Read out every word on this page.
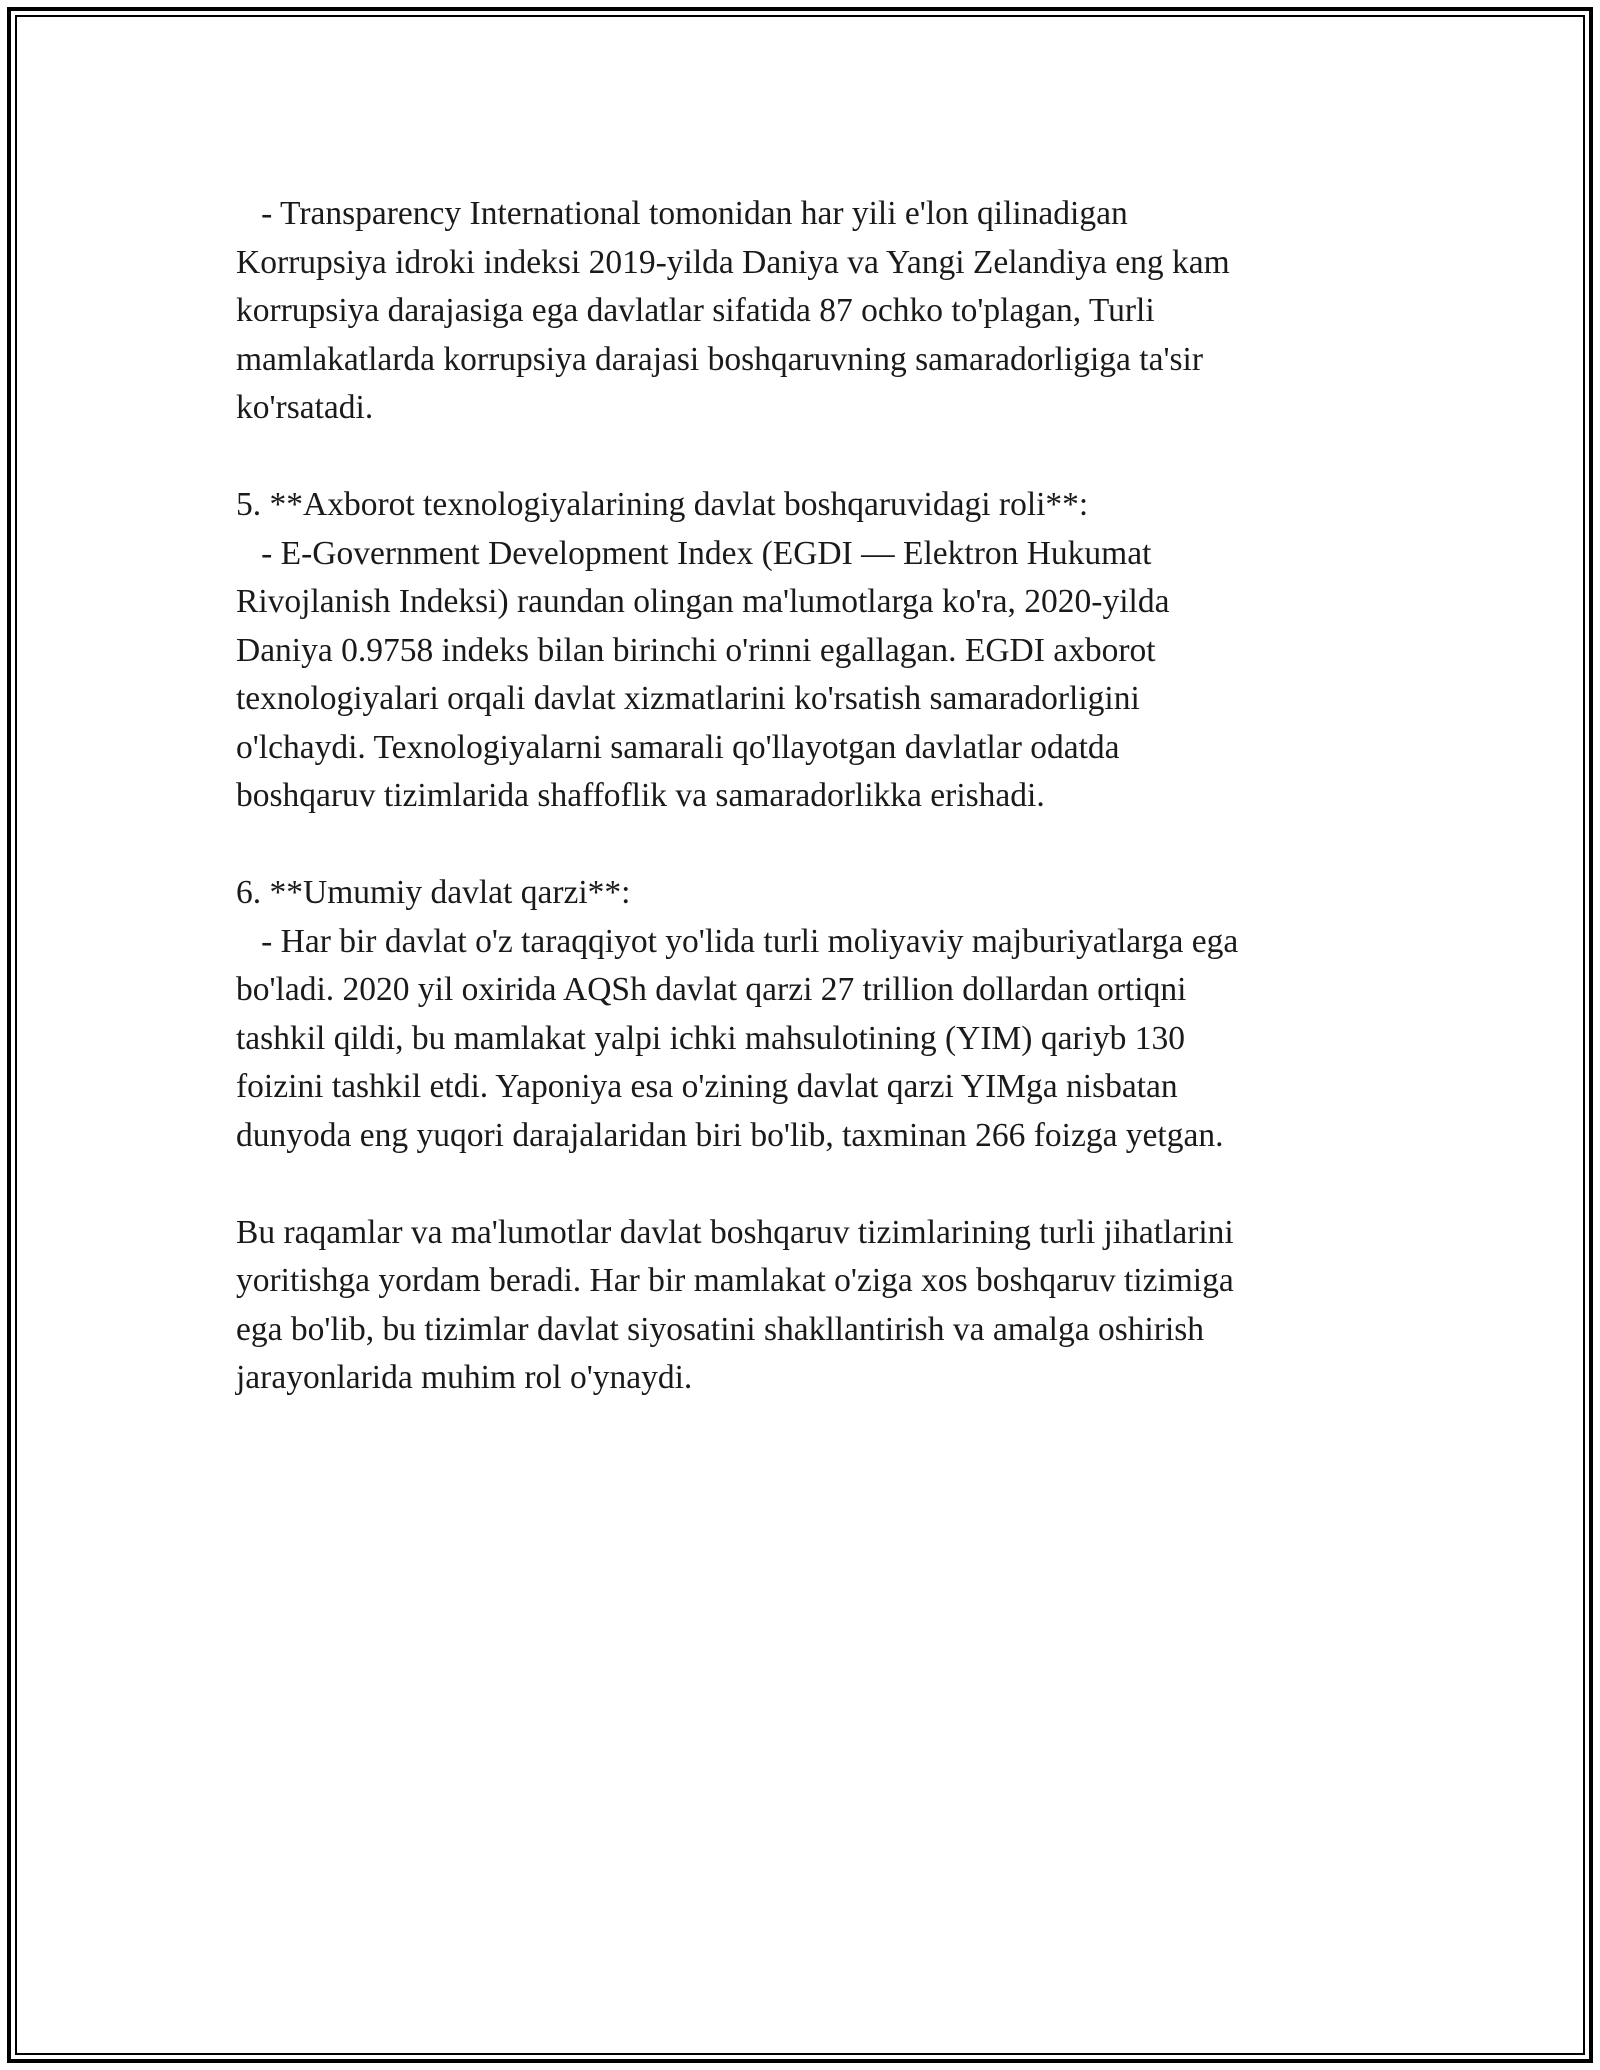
- Transparency International tomonidan har yili e'lon qilinadigan
Korrupsiya idroki indeksi 2019-yilda Daniya va Yangi Zelandiya eng kam
korrupsiya darajasiga ega davlatlar sifatida 87 ochko to'plagan, Turli
mamlakatlarda korrupsiya darajasi boshqaruvning samaradorligiga ta'sir
ko'rsatadi.

5. **Axborot texnologiyalarining davlat boshqaruvidagi roli**:
- E-Government Development Index (EGDI — Elektron Hukumat
Rivojlanish Indeksi) raundan olingan ma'lumotlarga ko'ra, 2020-yilda
Daniya 0.9758 indeks bilan birinchi o'rinni egallagan. EGDI axborot
texnologiyalari orqali davlat xizmatlarini ko'rsatish samaradorligini
o'lchaydi. Texnologiyalarni samarali qo'llayotgan davlatlar odatda
boshqaruv tizimlarida shaffoflik va samaradorlikka erishadi.

6. **Umumiy davlat qarzi**:
- Har bir davlat o'z taraqqiyot yo'lida turli moliyaviy majburiyatlarga ega
bo'ladi. 2020 yil oxirida AQSh davlat qarzi 27 trillion dollardan ortiqni
tashkil qildi, bu mamlakat yalpi ichki mahsulotining (YIM) qariyb 130
foizini tashkil etdi. Yaponiya esa o'zining davlat qarzi YIMga nisbatan
dunyoda eng yuqori darajalaridan biri bo'lib, taxminan 266 foizga yetgan.

Bu raqamlar va ma'lumotlar davlat boshqaruv tizimlarining turli jihatlarini
yoritishga yordam beradi. Har bir mamlakat o'ziga xos boshqaruv tizimiga
ega bo'lib, bu tizimlar davlat siyosatini shakllantirish va amalga oshirish
jarayonlarida muhim rol o'ynaydi.
